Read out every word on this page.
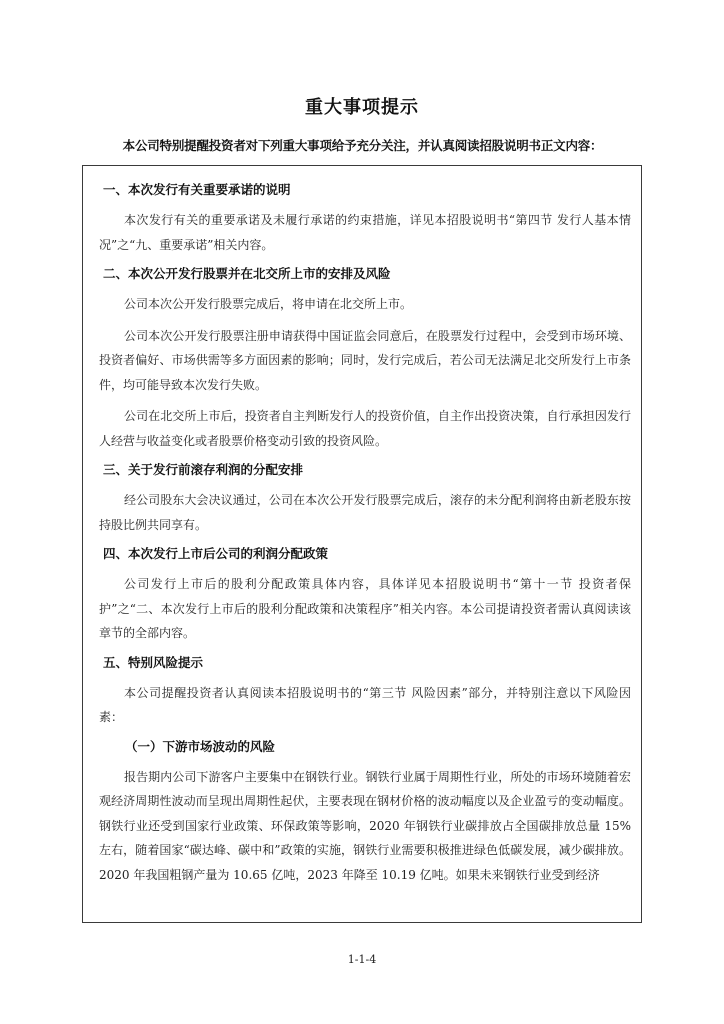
重大事项提示
本公司特别提醒投资者对下列重大事项给予充分关注，并认真阅读招股说明书正文内容：
一、本次发行有关重要承诺的说明

本次发行有关的重要承诺及未履行承诺的约束措施，详见本招股说明书“第四节 发行人基本情况”之“九、重要承诺”相关内容。

二、本次公开发行股票并在北交所上市的安排及风险

公司本次公开发行股票完成后，将申请在北交所上市。

公司本次公开发行股票注册申请获得中国证监会同意后，在股票发行过程中，会受到市场环境、投资者偏好、市场供需等多方面因素的影响；同时，发行完成后，若公司无法满足北交所发行上市条件，均可能导致本次发行失败。

公司在北交所上市后，投资者自主判断发行人的投资价值，自主作出投资决策，自行承担因发行人经营与收益变化或者股票价格变动引致的投资风险。

三、关于发行前滚存利润的分配安排

经公司股东大会决议通过，公司在本次公开发行股票完成后，滚存的未分配利润将由新老股东按持股比例共同享有。

四、本次发行上市后公司的利润分配政策

公司发行上市后的股利分配政策具体内容，具体详见本招股说明书“第十一节 投资者保护”之“二、本次发行上市后的股利分配政策和决策程序”相关内容。本公司提请投资者需认真阅读该章节的全部内容。

五、特别风险提示

本公司提醒投资者认真阅读本招股说明书的“第三节 风险因素”部分，并特别注意以下风险因素：

（一）下游市场波动的风险

报告期内公司下游客户主要集中在钢铁行业。钢铁行业属于周期性行业，所处的市场环境随着宏观经济周期性波动而呈现出周期性起伏，主要表现在钢材价格的波动幅度以及企业盈亏的变动幅度。钢铁行业还受到国家行业政策、环保政策等影响，2020 年钢铁行业碳排放占全国碳排放总量 15%左右，随着国家“碳达峰、碳中和”政策的实施，钢铁行业需要积极推进绿色低碳发展，减少碳排放。2020 年我国粗钢产量为 10.65 亿吨，2023 年降至 10.19 亿吨。如果未来钢铁行业受到经济

1-1-4
